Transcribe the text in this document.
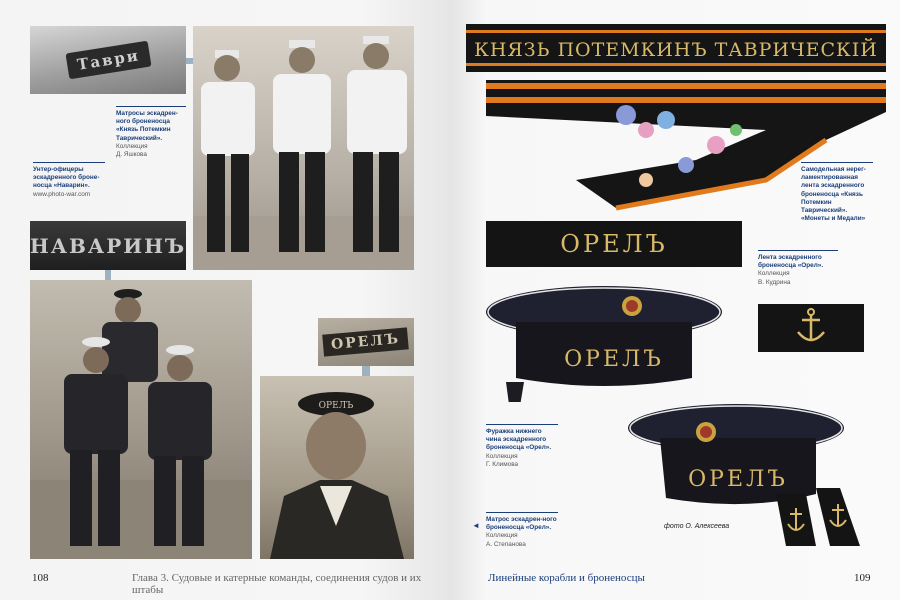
Таври
Матросы эскадрен-ного броненосца «Князь Потемкин Таврический».
Коллекция
Д. Яшкова
Унтер-офицеры эскадренного броне-носца «Наварин».
www.photo-war.com
НАВАРИНЪ
ОРЕЛЪ
ОРЕЛЪ
108	Глава 3. Судовые и катерные команды, соединения судов и их штабы
КНЯЗЬ ПОТЕМКИНЪ ТАВРИЧЕСКIЙ
Самодельная нерег-ламентированная лента эскадренного броненосца «Князь Потемкин Таврический».
«Монеты и Медали»
ОРЕЛЪ	Лента эскадренного броненосца «Орел».
Коллекция
В. Кудрина
ОРЕЛЪ
ОРЕЛЪ
Фуражка нижнего чина эскадренного броненосца «Орел».
Коллекция
Г. Климова
Матрос эскадрен-ного броненосца «Орел».
Коллекция
А. Степанова
◄	фото О. Алексеева
Линейные корабли и броненосцы	109
